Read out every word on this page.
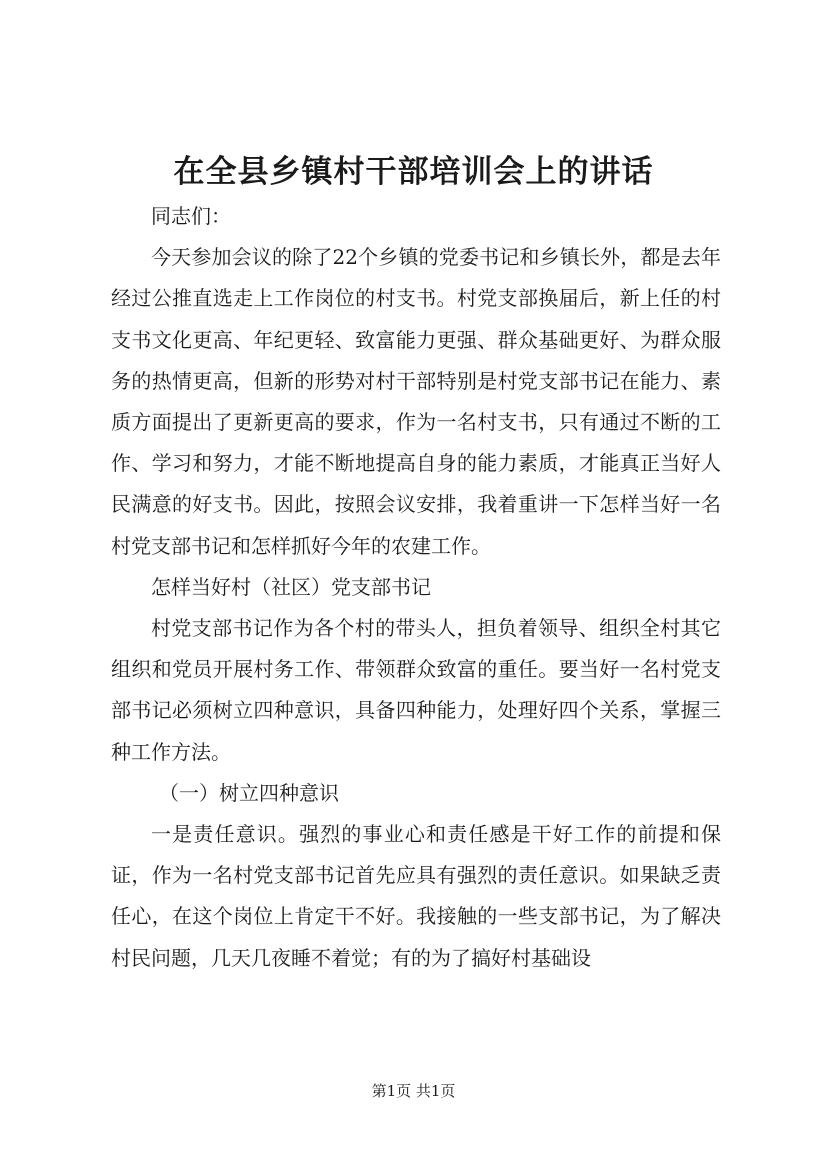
在全县乡镇村干部培训会上的讲话

同志们：

今天参加会议的除了22个乡镇的党委书记和乡镇长外，都是去年经过公推直选走上工作岗位的村支书。村党支部换届后，新上任的村支书文化更高、年纪更轻、致富能力更强、群众基础更好、为群众服务的热情更高，但新的形势对村干部特别是村党支部书记在能力、素质方面提出了更新更高的要求，作为一名村支书，只有通过不断的工作、学习和努力，才能不断地提高自身的能力素质，才能真正当好人民满意的好支书。因此，按照会议安排，我着重讲一下怎样当好一名村党支部书记和怎样抓好今年的农建工作。

怎样当好村（社区）党支部书记

村党支部书记作为各个村的带头人，担负着领导、组织全村其它组织和党员开展村务工作、带领群众致富的重任。要当好一名村党支部书记必须树立四种意识，具备四种能力，处理好四个关系，掌握三种工作方法。

（一）树立四种意识

一是责任意识。强烈的事业心和责任感是干好工作的前提和保证，作为一名村党支部书记首先应具有强烈的责任意识。如果缺乏责任心，在这个岗位上肯定干不好。我接触的一些支部书记，为了解决村民问题，几天几夜睡不着觉；有的为了搞好村基础设

第1页 共1页
